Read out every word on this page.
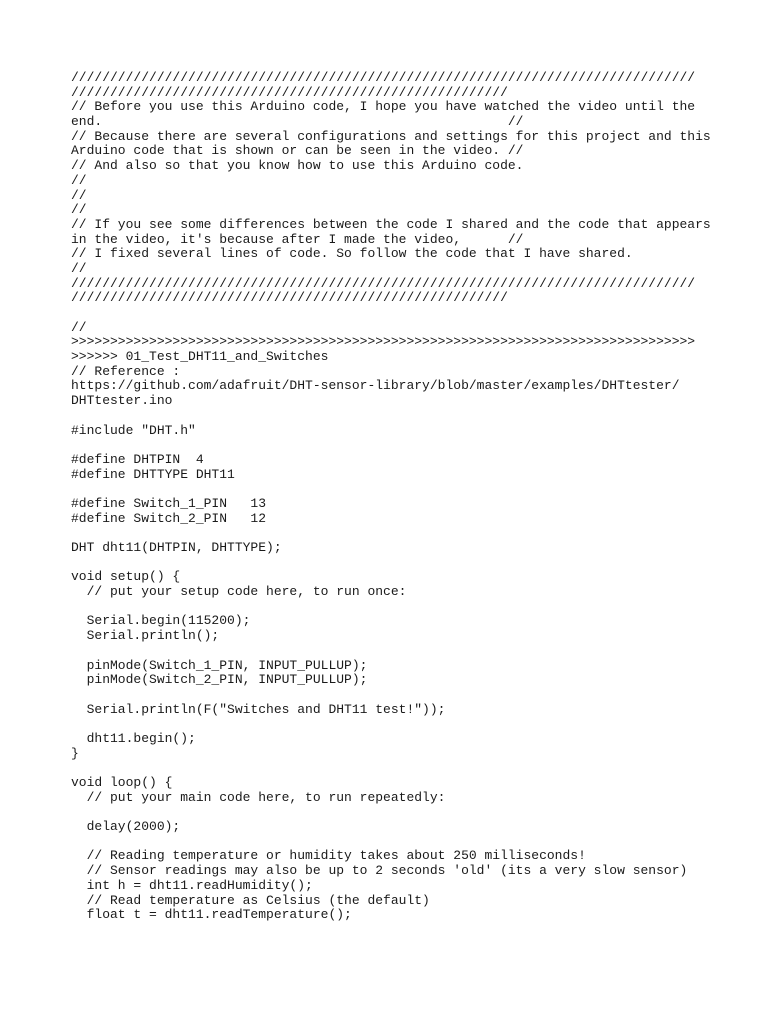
////////////////////////////////////////////////////////////////////////////////
////////////////////////////////////////////////////////
// Before you use this Arduino code, I hope you have watched the video until the
end.                                                    //
// Because there are several configurations and settings for this project and this
Arduino code that is shown or can be seen in the video. //
// And also so that you know how to use this Arduino code.
//
//
//
// If you see some differences between the code I shared and the code that appears
in the video, it's because after I made the video,      //
// I fixed several lines of code. So follow the code that I have shared.
//
////////////////////////////////////////////////////////////////////////////////
////////////////////////////////////////////////////////
//
>>>>>>>>>>>>>>>>>>>>>>>>>>>>>>>>>>>>>>>>>>>>>>>>>>>>>>>>>>>>>>>>>>>>>>>>>>>>>>>>
>>>>>> 01_Test_DHT11_and_Switches
// Reference :
https://github.com/adafruit/DHT-sensor-library/blob/master/examples/DHTtester/
DHTtester.ino
#include "DHT.h"
#define DHTPIN  4
#define DHTTYPE DHT11
#define Switch_1_PIN   13
#define Switch_2_PIN   12
DHT dht11(DHTPIN, DHTTYPE);
void setup() {
// put your setup code here, to run once:
Serial.begin(115200);
Serial.println();
pinMode(Switch_1_PIN, INPUT_PULLUP);
pinMode(Switch_2_PIN, INPUT_PULLUP);
Serial.println(F("Switches and DHT11 test!"));
dht11.begin();
}
void loop() {
// put your main code here, to run repeatedly:
delay(2000);
// Reading temperature or humidity takes about 250 milliseconds!
// Sensor readings may also be up to 2 seconds 'old' (its a very slow sensor)
int h = dht11.readHumidity();
// Read temperature as Celsius (the default)
float t = dht11.readTemperature();
